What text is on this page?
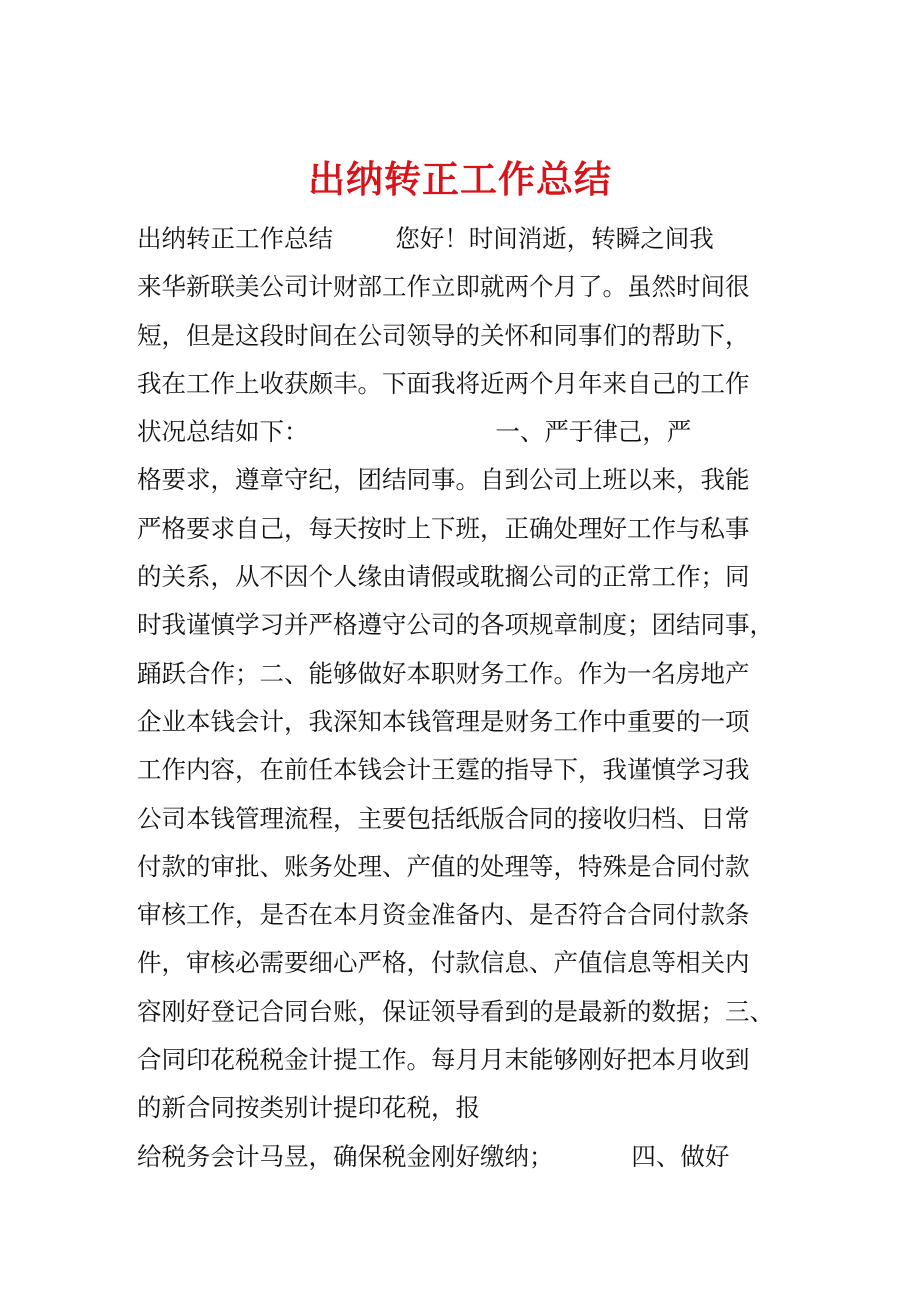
出纳转正工作总结
出纳转正工作总结        您好！时间消逝，转瞬之间我
来华新联美公司计财部工作立即就两个月了。虽然时间很
短，但是这段时间在公司领导的关怀和同事们的帮助下，
我在工作上收获颇丰。下面我将近两个月年来自己的工作
状况总结如下：                        一、严于律己，严
格要求，遵章守纪，团结同事。自到公司上班以来，我能
严格要求自己，每天按时上下班，正确处理好工作与私事
的关系，从不因个人缘由请假或耽搁公司的正常工作；同
时我谨慎学习并严格遵守公司的各项规章制度；团结同事，
踊跃合作；二、能够做好本职财务工作。作为一名房地产
企业本钱会计，我深知本钱管理是财务工作中重要的一项
工作内容，在前任本钱会计王霆的指导下，我谨慎学习我
公司本钱管理流程，主要包括纸版合同的接收归档、日常
付款的审批、账务处理、产值的处理等，特殊是合同付款
审核工作，是否在本月资金准备内、是否符合合同付款条
件，审核必需要细心严格，付款信息、产值信息等相关内
容刚好登记合同台账，保证领导看到的是最新的数据；三、
合同印花税税金计提工作。每月月末能够刚好把本月收到
的新合同按类别计提印花税，报
给税务会计马昱，确保税金刚好缴纳；          四、做好
